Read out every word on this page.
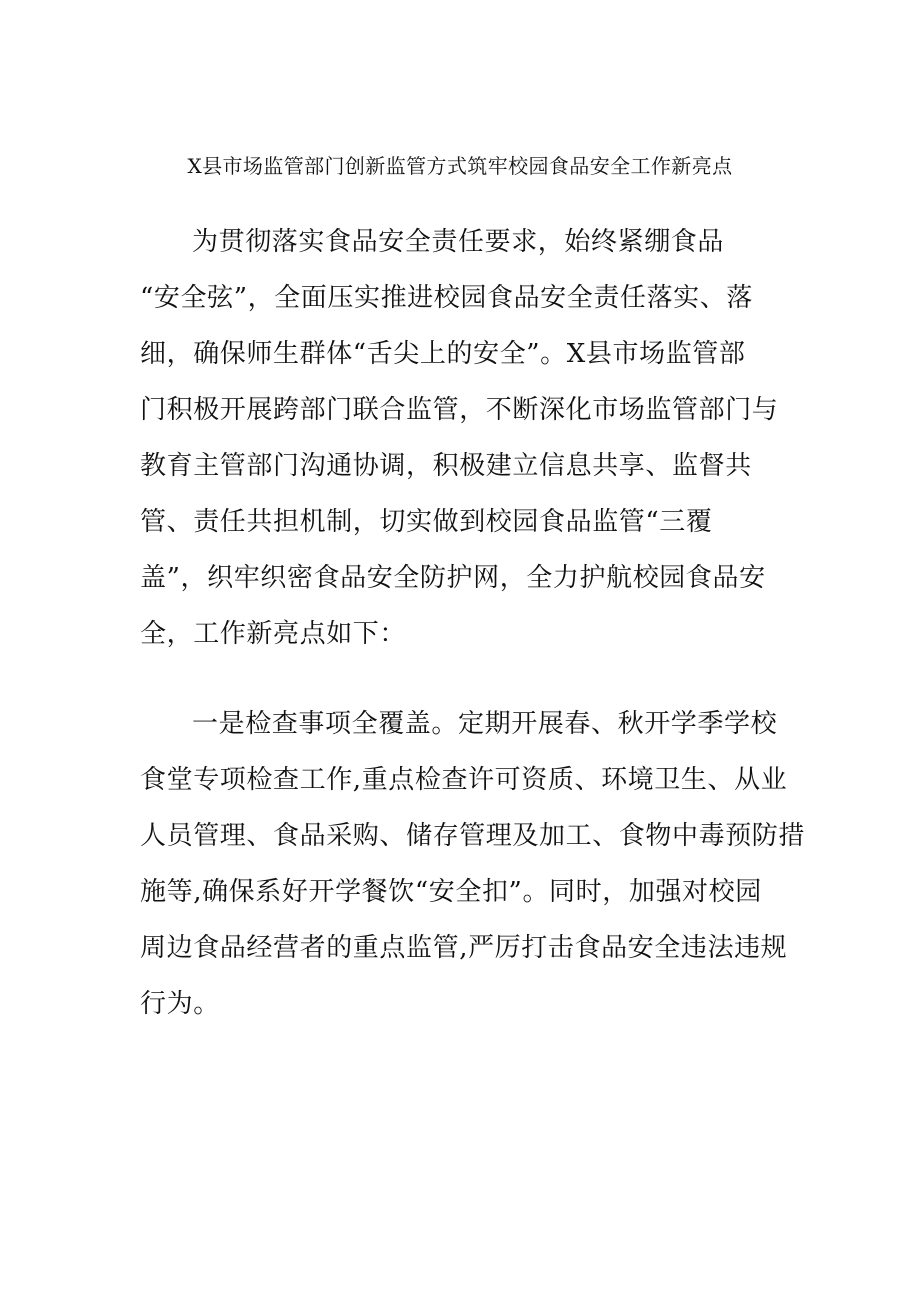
X县市场监管部门创新监管方式筑牢校园食品安全工作新亮点
为贯彻落实食品安全责任要求，始终紧绷食品
“安全弦”，全面压实推进校园食品安全责任落实、落
细，确保师生群体“舌尖上的安全”。X县市场监管部
门积极开展跨部门联合监管，不断深化市场监管部门与
教育主管部门沟通协调，积极建立信息共享、监督共
管、责任共担机制，切实做到校园食品监管“三覆
盖”，织牢织密食品安全防护网，全力护航校园食品安
全，工作新亮点如下：
一是检查事项全覆盖。定期开展春、秋开学季学校
食堂专项检查工作,重点检查许可资质、环境卫生、从业
人员管理、食品采购、储存管理及加工、食物中毒预防措
施等,确保系好开学餐饮“安全扣”。同时，加强对校园
周边食品经营者的重点监管,严厉打击食品安全违法违规
行为。
